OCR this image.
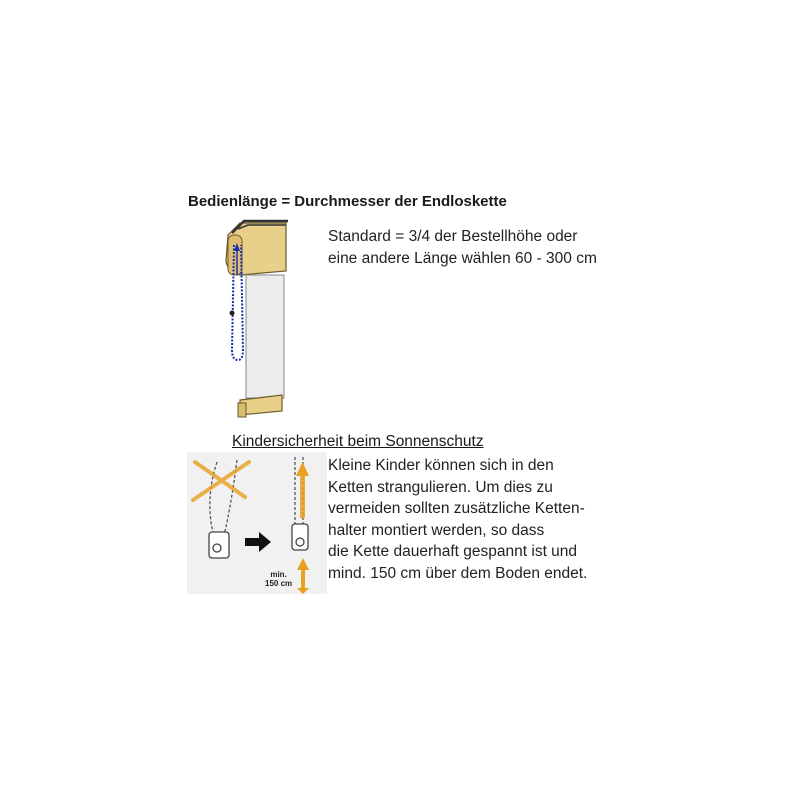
Bedienlänge = Durchmesser der Endloskette
Standard = 3/4 der Bestellhöhe oder
eine andere Länge wählen 60 - 300 cm
Kindersicherheit beim Sonnenschutz
min.
150 cm
Kleine Kinder können sich in den
Ketten strangulieren. Um dies zu
vermeiden sollten zusätzliche Ketten-
halter montiert werden, so dass
die Kette dauerhaft gespannt ist und
mind. 150 cm über dem Boden endet.
